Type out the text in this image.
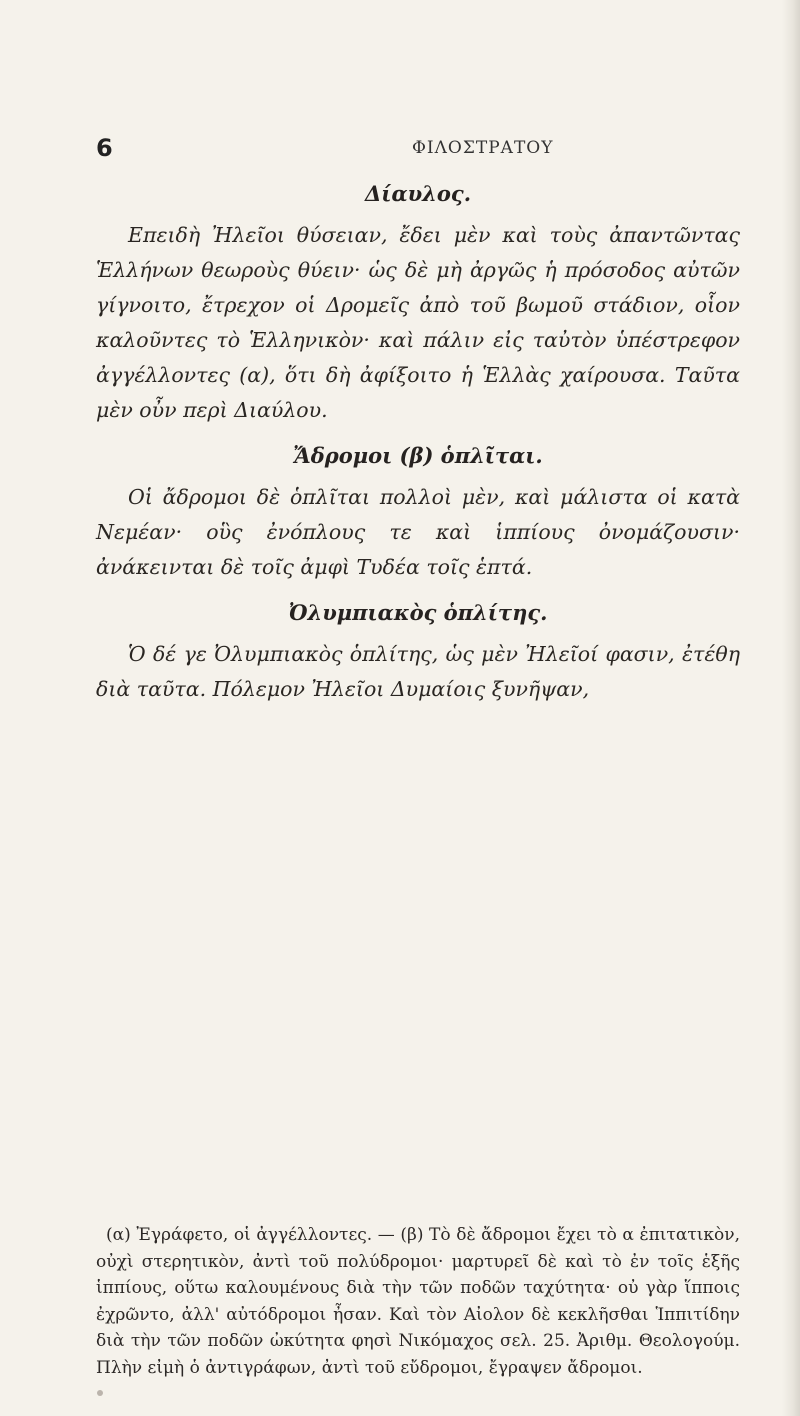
6	ΦΙΛΟΣΤΡΑΤΟΥ
Δίαυλος.

Επειδὴ Ἠλεῖοι θύσειαν, ἔδει μὲν καὶ τοὺς ἀπαντῶντας Ἑλλήνων θεωροὺς θύειν· ὡς δὲ μὴ ἀργῶς ἡ πρόσοδος αὐτῶν γίγνοιτο, ἔτρεχον οἱ Δρομεῖς ἀπὸ τοῦ βωμοῦ στάδιον, οἷον καλοῦντες τὸ Ἑλληνικὸν· καὶ πάλιν εἰς ταὐτὸν ὑπέστρεφον ἀγγέλλοντες (α), ὅτι δὴ ἀφίξοιτο ἡ Ἑλλὰς χαίρουσα. Ταῦτα μὲν οὖν περὶ Διαύλου.

Ἄδρομοι (β) ὁπλῖται.

Οἱ ἄδρομοι δὲ ὁπλῖται πολλοὶ μὲν, καὶ μάλιστα οἱ κατὰ Νεμέαν· οὓς ἐνόπλους τε καὶ ἱππίους ὀνομάζουσιν· ἀνάκεινται δὲ τοῖς ἀμφὶ Τυδέα τοῖς ἑπτά.

Ὀλυμπιακὸς ὁπλίτης.

Ὁ δέ γε Ὀλυμπιακὸς ὁπλίτης, ὡς μὲν Ἠλεῖοί φασιν, ἐτέθη διὰ ταῦτα. Πόλεμον Ἠλεῖοι Δυμαίοις ξυνῆψαν,

(α) Ἐγράφετο, οἱ ἀγγέλλοντες. — (β) Τὸ δὲ ἄδρομοι ἔχει τὸ α ἐπιτατικὸν, οὐχὶ στερητικὸν, ἀντὶ τοῦ πολύδρομοι· μαρτυρεῖ δὲ καὶ τὸ ἐν τοῖς ἑξῆς ἱππίους, οὕτω καλουμένους διὰ τὴν τῶν ποδῶν ταχύτητα· οὐ γὰρ ἵπποις ἐχρῶντο, ἀλλ' αὐτόδρομοι ἦσαν. Καὶ τὸν Αἰολον δὲ κεκλῆσθαι Ἱππιτίδην διὰ τὴν τῶν ποδῶν ὠκύτητα φησὶ Νικόμαχος σελ. 25. Ἀριθμ. Θεολογούμ. Πλὴν εἰμὴ ὁ ἀντιγράφων, ἀντὶ τοῦ εὔδρομοι, ἔγραψεν ἄδρομοι.
